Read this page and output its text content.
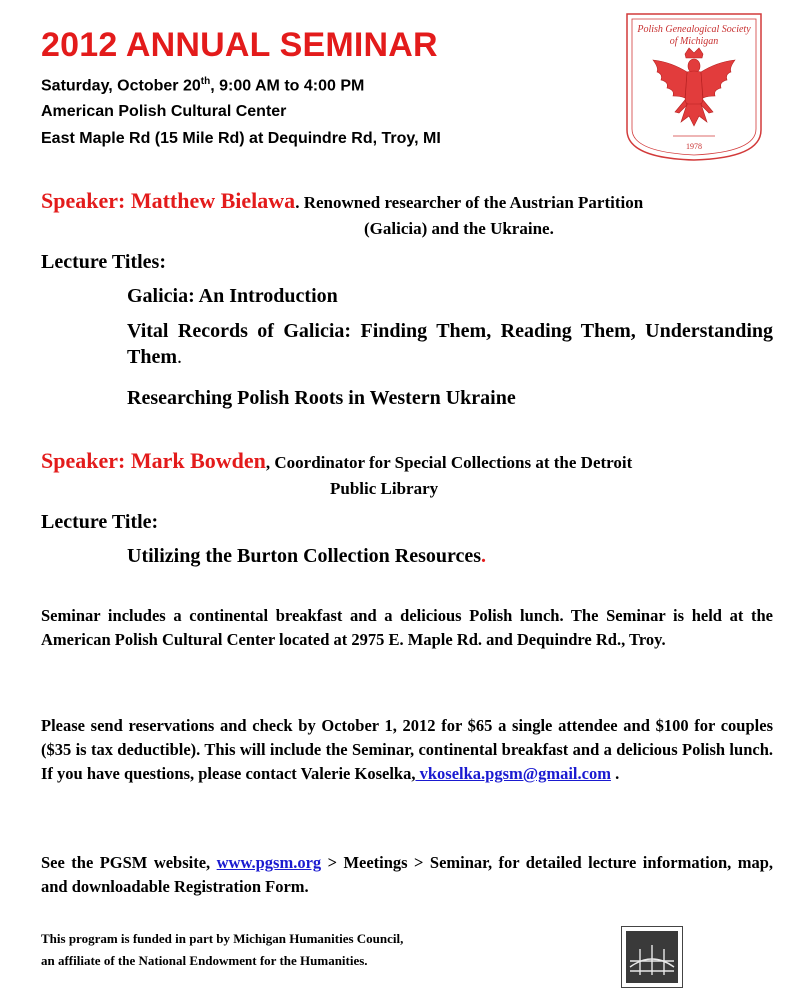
2012 ANNUAL SEMINAR
Saturday, October 20th, 9:00 AM to 4:00 PM
American Polish Cultural Center
East Maple Rd (15 Mile Rd) at Dequindre Rd, Troy, MI
Polish Genealogical Society
of Michigan
1978
Speaker: Matthew Bielawa. Renowned researcher of the Austrian Partition
(Galicia) and the Ukraine.
Lecture Titles:
Galicia: An Introduction
Vital Records of Galicia: Finding Them, Reading Them, Understanding Them.
Researching Polish Roots in Western Ukraine
Speaker: Mark Bowden, Coordinator for Special Collections at the Detroit
Public Library
Lecture Title:
Utilizing the Burton Collection Resources.
Seminar includes a continental breakfast and a delicious Polish lunch. The Seminar is held at the American Polish Cultural Center located at 2975 E. Maple Rd. and Dequindre Rd., Troy.
Please send reservations and check by October 1, 2012 for $65 a single attendee and $100 for couples ($35 is tax deductible). This will include the Seminar, continental breakfast and a delicious Polish lunch. If you have questions, please contact Valerie Koselka, vkoselka.pgsm@gmail.com .
See the PGSM website, www.pgsm.org > Meetings > Seminar, for detailed lecture information, map, and downloadable Registration Form.
This program is funded in part by Michigan Humanities Council,
an affiliate of the National Endowment for the Humanities.
